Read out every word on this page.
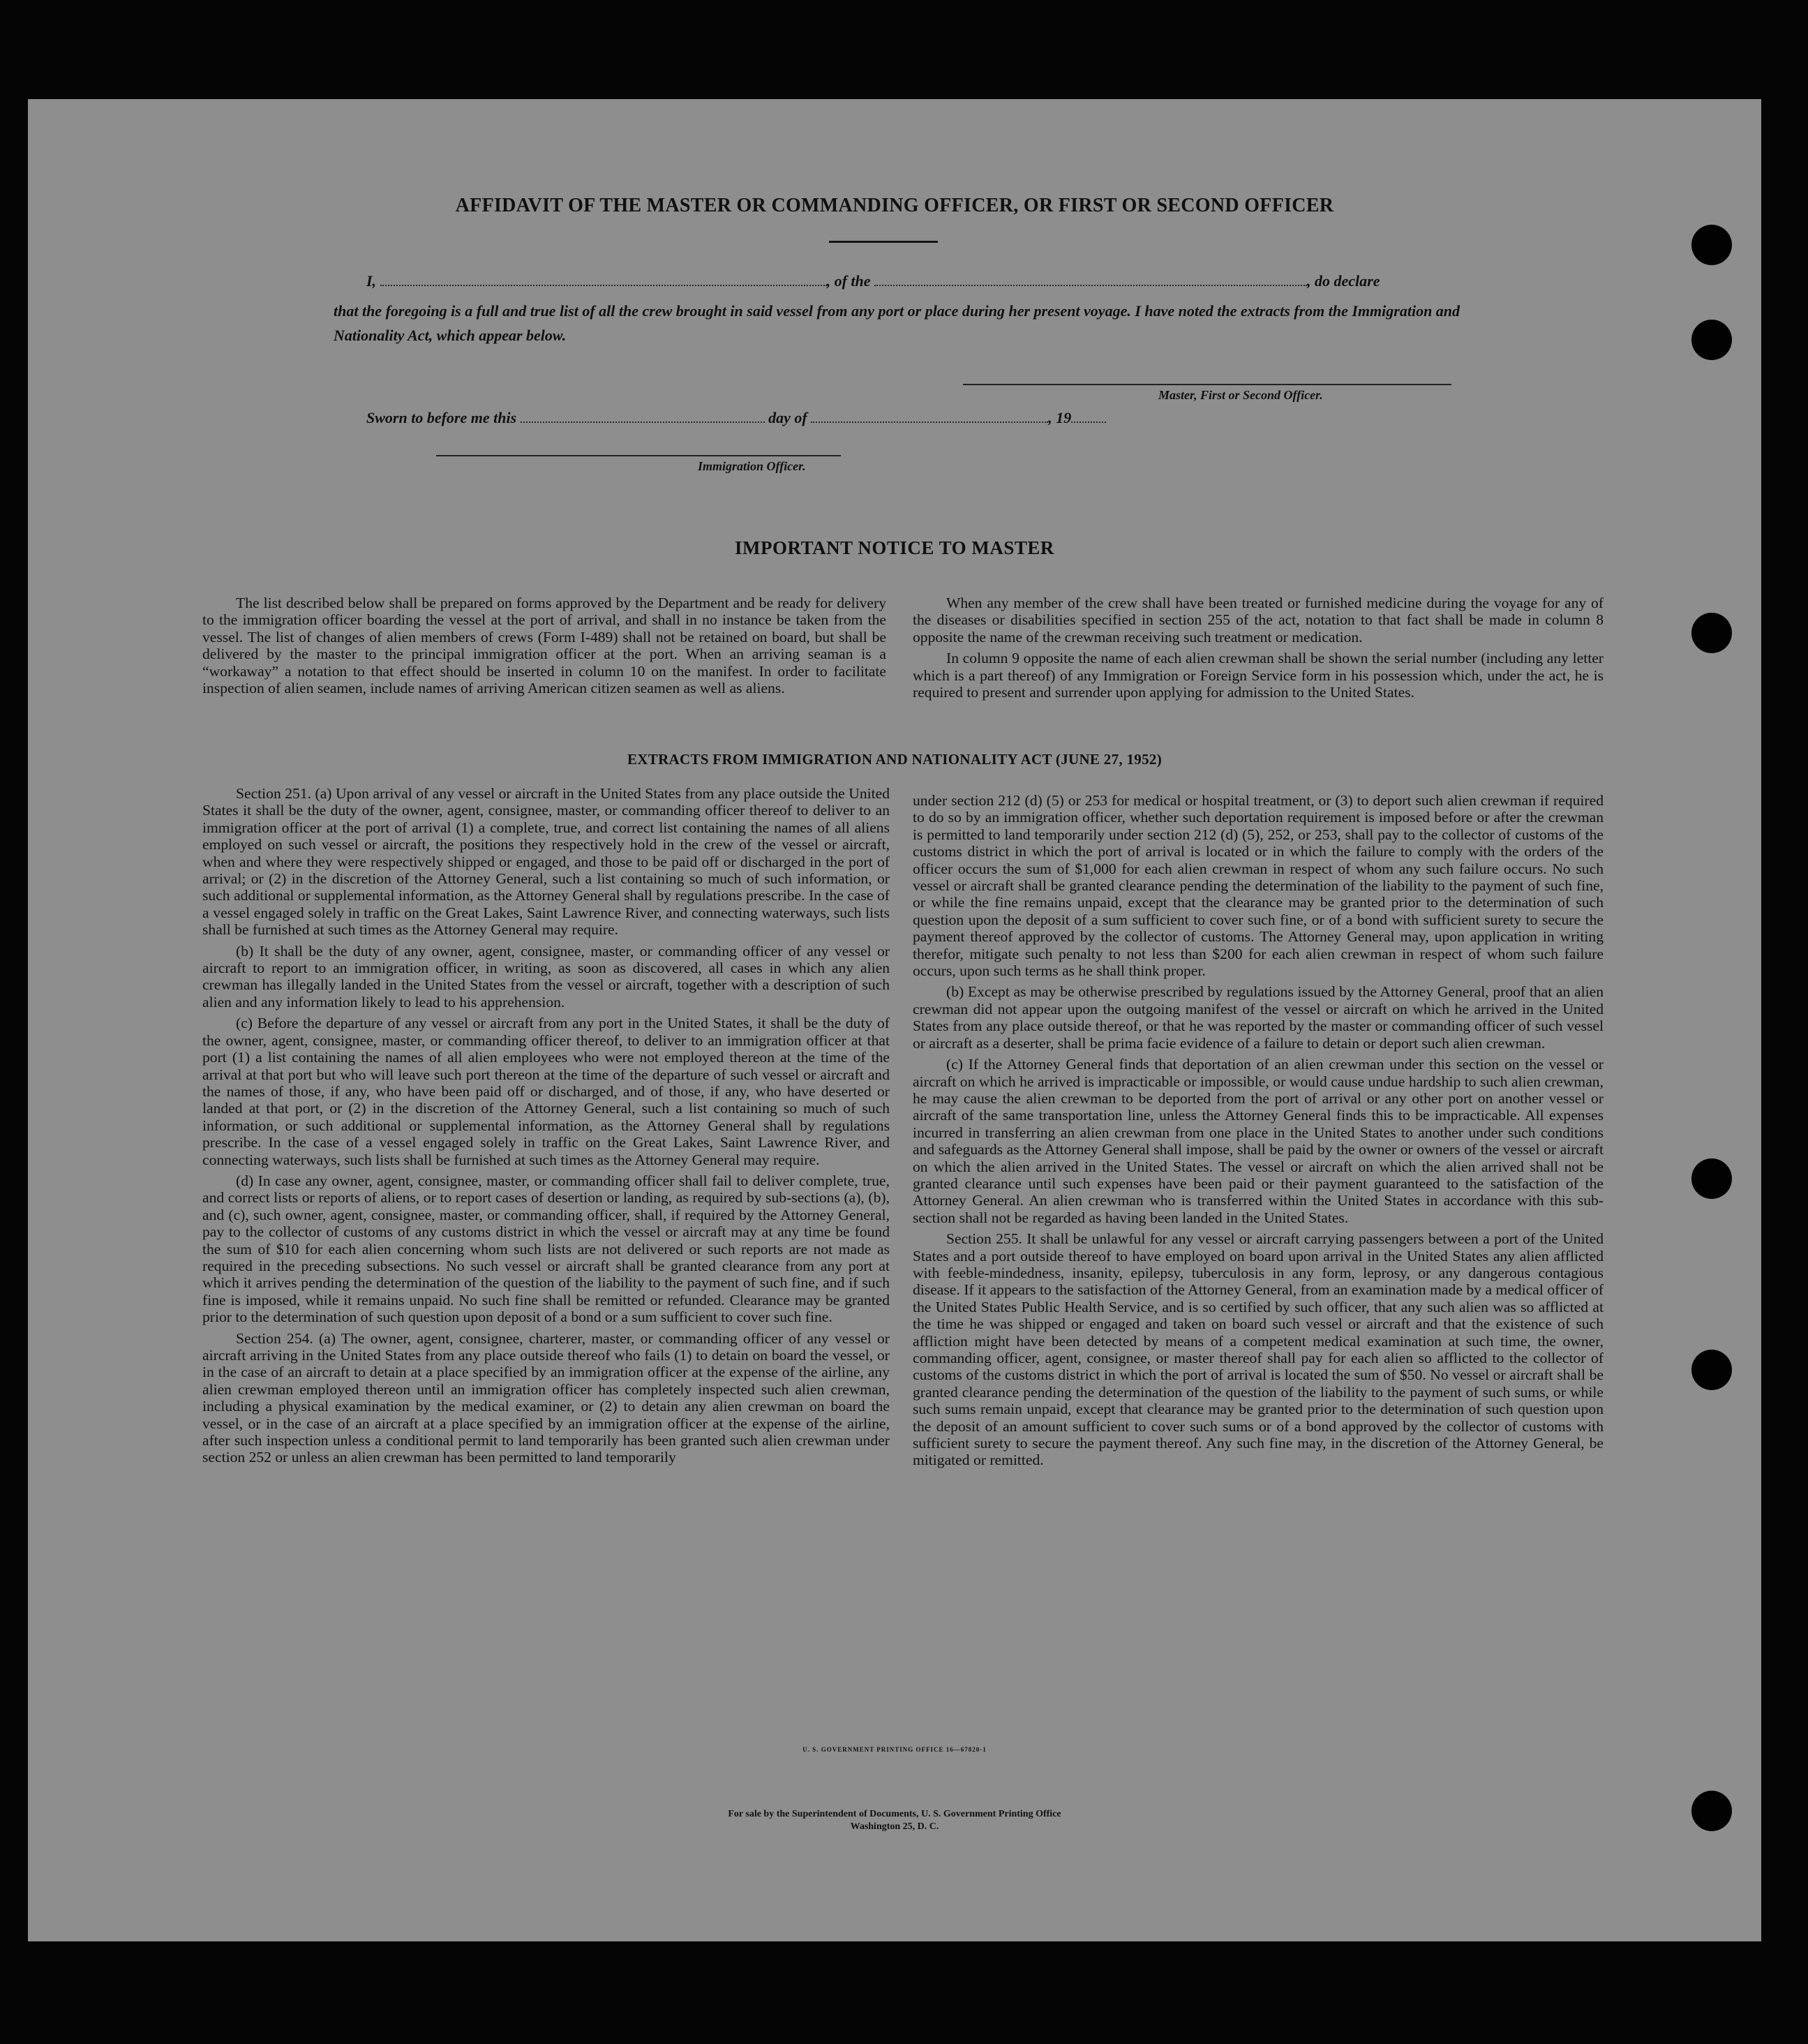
AFFIDAVIT OF THE MASTER OR COMMANDING OFFICER, OR FIRST OR SECOND OFFICER
I,	, of the	, do declare
that the foregoing is a full and true list of all the crew brought in said vessel from any port or place during her present voyage. I have noted the extracts from the Immigration and Nationality Act, which appear below.
Master, First or Second Officer.
Sworn to before me this	day of	, 19
Immigration Officer.
IMPORTANT NOTICE TO MASTER

The list described below shall be prepared on forms approved by the Department and be ready for delivery to the immigration officer boarding the vessel at the port of arrival, and shall in no instance be taken from the vessel. The list of changes of alien members of crews (Form I-489) shall not be retained on board, but shall be delivered by the master to the principal immigration officer at the port. When an arriving seaman is a “workaway” a notation to that effect should be inserted in column 10 on the manifest. In order to facilitate inspection of alien seamen, include names of arriving American citizen seamen as well as aliens.

When any member of the crew shall have been treated or furnished medicine during the voyage for any of the diseases or disabilities specified in section 255 of the act, notation to that fact shall be made in column 8 opposite the name of the crewman receiving such treatment or medication.

In column 9 opposite the name of each alien crewman shall be shown the serial number (including any letter which is a part thereof) of any Immigration or Foreign Service form in his possession which, under the act, he is required to present and surrender upon applying for admission to the United States.

EXTRACTS FROM IMMIGRATION AND NATIONALITY ACT (JUNE 27, 1952)

Section 251. (a) Upon arrival of any vessel or aircraft in the United States from any place outside the United States it shall be the duty of the owner, agent, consignee, master, or commanding officer thereof to deliver to an immigration officer at the port of arrival (1) a complete, true, and correct list containing the names of all aliens employed on such vessel or aircraft, the positions they respectively hold in the crew of the vessel or aircraft, when and where they were respectively shipped or engaged, and those to be paid off or discharged in the port of arrival; or (2) in the discretion of the Attorney General, such a list containing so much of such information, or such additional or supplemental information, as the Attorney General shall by regulations prescribe. In the case of a vessel engaged solely in traffic on the Great Lakes, Saint Lawrence River, and connecting waterways, such lists shall be furnished at such times as the Attorney General may require.

(b) It shall be the duty of any owner, agent, consignee, master, or commanding officer of any vessel or aircraft to report to an immigration officer, in writing, as soon as discovered, all cases in which any alien crewman has illegally landed in the United States from the vessel or aircraft, together with a description of such alien and any information likely to lead to his apprehension.

(c) Before the departure of any vessel or aircraft from any port in the United States, it shall be the duty of the owner, agent, consignee, master, or commanding officer thereof, to deliver to an immigration officer at that port (1) a list containing the names of all alien employees who were not employed thereon at the time of the arrival at that port but who will leave such port thereon at the time of the departure of such vessel or aircraft and the names of those, if any, who have been paid off or discharged, and of those, if any, who have deserted or landed at that port, or (2) in the discretion of the Attorney General, such a list containing so much of such information, or such additional or supplemental information, as the Attorney General shall by regulations prescribe. In the case of a vessel engaged solely in traffic on the Great Lakes, Saint Lawrence River, and connecting waterways, such lists shall be furnished at such times as the Attorney General may require.

(d) In case any owner, agent, consignee, master, or commanding officer shall fail to deliver complete, true, and correct lists or reports of aliens, or to report cases of desertion or landing, as required by sub-sections (a), (b), and (c), such owner, agent, consignee, master, or commanding officer, shall, if required by the Attorney General, pay to the collector of customs of any customs district in which the vessel or aircraft may at any time be found the sum of $10 for each alien concerning whom such lists are not delivered or such reports are not made as required in the preceding subsections. No such vessel or aircraft shall be granted clearance from any port at which it arrives pending the determination of the question of the liability to the payment of such fine, and if such fine is imposed, while it remains unpaid. No such fine shall be remitted or refunded. Clearance may be granted prior to the determination of such question upon deposit of a bond or a sum sufficient to cover such fine.

Section 254. (a) The owner, agent, consignee, charterer, master, or commanding officer of any vessel or aircraft arriving in the United States from any place outside thereof who fails (1) to detain on board the vessel, or in the case of an aircraft to detain at a place specified by an immigration officer at the expense of the airline, any alien crewman employed thereon until an immigration officer has completely inspected such alien crewman, including a physical examination by the medical examiner, or (2) to detain any alien crewman on board the vessel, or in the case of an aircraft at a place specified by an immigration officer at the expense of the airline, after such inspection unless a conditional permit to land temporarily has been granted such alien crewman under section 252 or unless an alien crewman has been permitted to land temporarily

under section 212 (d) (5) or 253 for medical or hospital treatment, or (3) to deport such alien crewman if required to do so by an immigration officer, whether such deportation requirement is imposed before or after the crewman is permitted to land temporarily under section 212 (d) (5), 252, or 253, shall pay to the collector of customs of the customs district in which the port of arrival is located or in which the failure to comply with the orders of the officer occurs the sum of $1,000 for each alien crewman in respect of whom any such failure occurs. No such vessel or aircraft shall be granted clearance pending the determination of the liability to the payment of such fine, or while the fine remains unpaid, except that the clearance may be granted prior to the determination of such question upon the deposit of a sum sufficient to cover such fine, or of a bond with sufficient surety to secure the payment thereof approved by the collector of customs. The Attorney General may, upon application in writing therefor, mitigate such penalty to not less than $200 for each alien crewman in respect of whom such failure occurs, upon such terms as he shall think proper.

(b) Except as may be otherwise prescribed by regulations issued by the Attorney General, proof that an alien crewman did not appear upon the outgoing manifest of the vessel or aircraft on which he arrived in the United States from any place outside thereof, or that he was reported by the master or commanding officer of such vessel or aircraft as a deserter, shall be prima facie evidence of a failure to detain or deport such alien crewman.

(c) If the Attorney General finds that deportation of an alien crewman under this section on the vessel or aircraft on which he arrived is impracticable or impossible, or would cause undue hardship to such alien crewman, he may cause the alien crewman to be deported from the port of arrival or any other port on another vessel or aircraft of the same transportation line, unless the Attorney General finds this to be impracticable. All expenses incurred in transferring an alien crewman from one place in the United States to another under such conditions and safeguards as the Attorney General shall impose, shall be paid by the owner or owners of the vessel or aircraft on which the alien arrived in the United States. The vessel or aircraft on which the alien arrived shall not be granted clearance until such expenses have been paid or their payment guaranteed to the satisfaction of the Attorney General. An alien crewman who is transferred within the United States in accordance with this sub-section shall not be regarded as having been landed in the United States.

Section 255. It shall be unlawful for any vessel or aircraft carrying passengers between a port of the United States and a port outside thereof to have employed on board upon arrival in the United States any alien afflicted with feeble-mindedness, insanity, epilepsy, tuberculosis in any form, leprosy, or any dangerous contagious disease. If it appears to the satisfaction of the Attorney General, from an examination made by a medical officer of the United States Public Health Service, and is so certified by such officer, that any such alien was so afflicted at the time he was shipped or engaged and taken on board such vessel or aircraft and that the existence of such affliction might have been detected by means of a competent medical examination at such time, the owner, commanding officer, agent, consignee, or master thereof shall pay for each alien so afflicted to the collector of customs of the customs district in which the port of arrival is located the sum of $50. No vessel or aircraft shall be granted clearance pending the determination of the question of the liability to the payment of such sums, or while such sums remain unpaid, except that clearance may be granted prior to the determination of such question upon the deposit of an amount sufficient to cover such sums or of a bond approved by the collector of customs with sufficient surety to secure the payment thereof. Any such fine may, in the discretion of the Attorney General, be mitigated or remitted.

U. S. GOVERNMENT PRINTING OFFICE 16—67820-1
For sale by the Superintendent of Documents, U. S. Government Printing Office
Washington 25, D. C.
